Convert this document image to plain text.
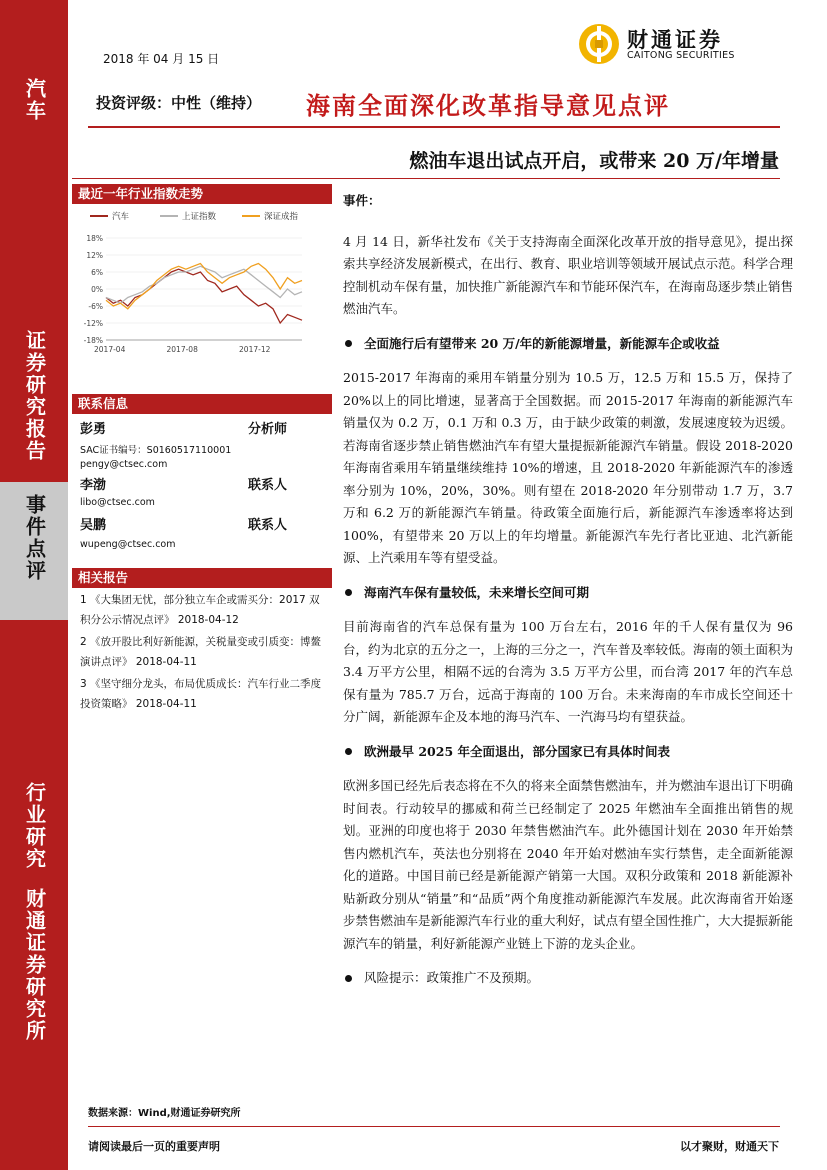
汽车
证券研究报告
事件点评
行业研究
财通证券研究所
2018 年 04 月 15 日
财通证券
CAITONG SECURITIES
投资评级：中性（维持） 海南全面深化改革指导意见点评
燃油车退出试点开启，或带来 20 万/年增量
最近一年行业指数走势
汽车	上证指数	深证成指
18%
12%
6%
0%
-6%
-12%
-18%
2017-04	2017-08	2017-12
联系信息
彭勇	分析师
SAC证书编号：S0160517110001
pengy@ctsec.com
李渤	联系人
libo@ctsec.com
吴鹏	联系人
wupeng@ctsec.com
相关报告
1 《大集团无忧，部分独立车企或需买分：2017 双积分公示情况点评》 2018-04-12
2 《放开股比利好新能源，关税量变或引质变：博鳌演讲点评》 2018-04-11
3 《坚守细分龙头，布局优质成长：汽车行业二季度投资策略》 2018-04-11

事件：

4 月 14 日，新华社发布《关于支持海南全面深化改革开放的指导意见》，提出探索共享经济发展新模式，在出行、教育、职业培训等领域开展试点示范。科学合理控制机动车保有量，加快推广新能源汽车和节能环保汽车，在海南岛逐步禁止销售燃油汽车。

全面施行后有望带来 20 万/年的新能源增量，新能源车企或收益

2015-2017 年海南的乘用车销量分别为 10.5 万，12.5 万和 15.5 万，保持了 20%以上的同比增速，显著高于全国数据。而 2015-2017 年海南的新能源汽车销量仅为 0.2 万，0.1 万和 0.3 万，由于缺少政策的刺激，发展速度较为迟缓。若海南省逐步禁止销售燃油汽车有望大量提振新能源汽车销量。假设 2018-2020 年海南省乘用车销量继续维持 10%的增速，且 2018-2020 年新能源汽车的渗透率分别为 10%，20%，30%。则有望在 2018-2020 年分别带动 1.7 万，3.7 万和 6.2 万的新能源汽车销量。待政策全面施行后，新能源汽车渗透率将达到 100%，有望带来 20 万以上的年均增量。新能源汽车先行者比亚迪、北汽新能源、上汽乘用车等有望受益。

海南汽车保有量较低，未来增长空间可期

目前海南省的汽车总保有量为 100 万台左右，2016 年的千人保有量仅为 96 台，约为北京的五分之一，上海的三分之一，汽车普及率较低。海南的领土面积为 3.4 万平方公里，相隔不远的台湾为 3.5 万平方公里，而台湾 2017 年的汽车总保有量为 785.7 万台，远高于海南的 100 万台。未来海南的车市成长空间还十分广阔，新能源车企及本地的海马汽车、一汽海马均有望获益。

欧洲最早 2025 年全面退出，部分国家已有具体时间表

欧洲多国已经先后表态将在不久的将来全面禁售燃油车，并为燃油车退出订下明确时间表。行动较早的挪威和荷兰已经制定了 2025 年燃油车全面推出销售的规划。亚洲的印度也将于 2030 年禁售燃油汽车。此外德国计划在 2030 年开始禁售内燃机汽车，英法也分别将在 2040 年开始对燃油车实行禁售，走全面新能源化的道路。中国目前已经是新能源产销第一大国。双积分政策和 2018 新能源补贴新政分别从“销量”和“品质”两个角度推动新能源汽车发展。此次海南省开始逐步禁售燃油车是新能源汽车行业的重大利好，试点有望全国性推广，大大提振新能源汽车的销量，利好新能源产业链上下游的龙头企业。

风险提示：政策推广不及预期。

数据来源：Wind,财通证券研究所
请阅读最后一页的重要声明	以才聚财，财通天下
